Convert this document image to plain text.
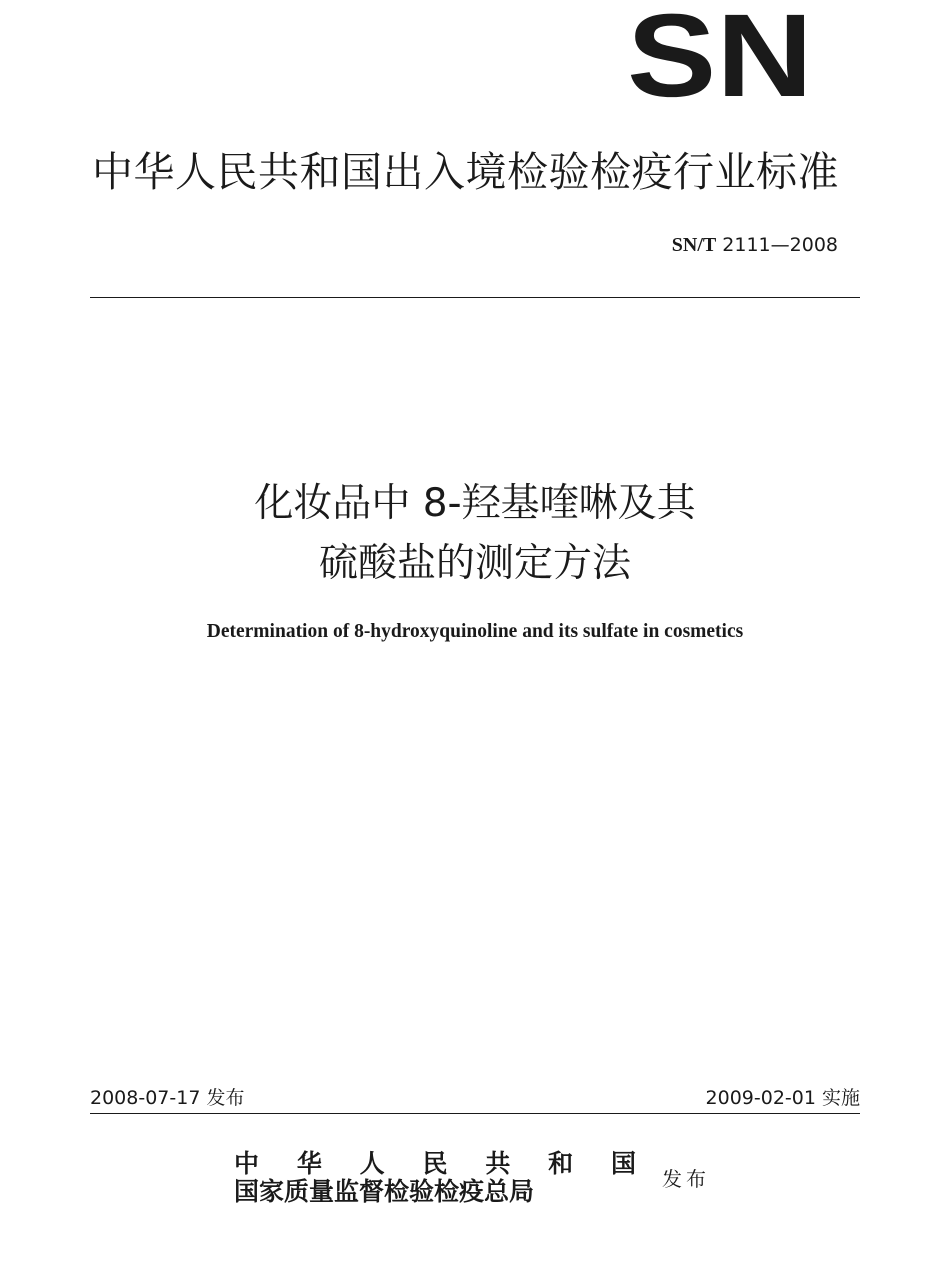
SN
中华人民共和国出入境检验检疫行业标准
SN/T 2111—2008
化妆品中 8-羟基喹啉及其
硫酸盐的测定方法
Determination of 8-hydroxyquinoline and its sulfate in cosmetics
2008-07-17 发布	2009-02-01 实施
中 华 人 民 共 和 国
国家质量监督检验检疫总局	发布
